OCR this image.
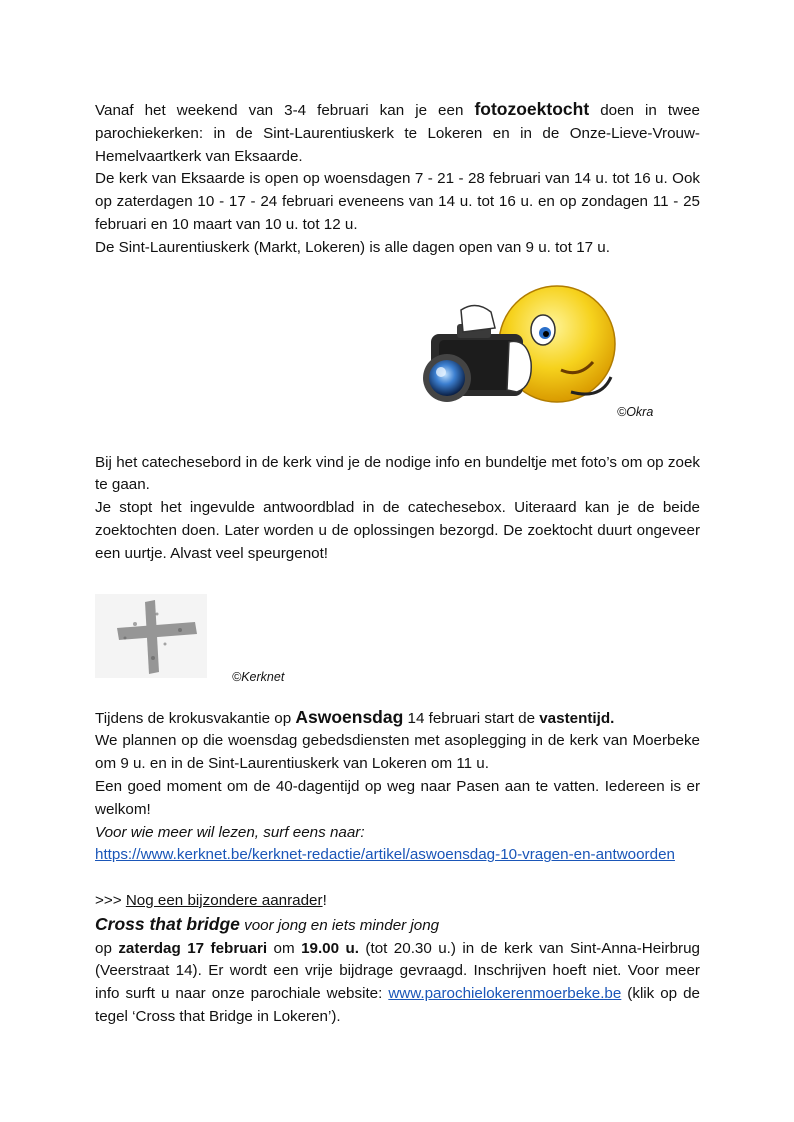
Vanaf het weekend van 3-4 februari kan je een fotozoektocht doen in twee parochiekerken: in de Sint-Laurentiuskerk te Lokeren en in de Onze-Lieve-Vrouw-Hemelvaartkerk van Eksaarde.

De kerk van Eksaarde is open op woensdagen 7 - 21 - 28 februari van 14 u. tot 16 u. Ook op zaterdagen 10 - 17 - 24 februari eveneens van 14 u. tot 16 u. en op zondagen 11 - 25 februari en 10 maart van 10 u. tot 12 u.

De Sint-Laurentiuskerk (Markt, Lokeren) is alle dagen open van 9 u. tot 17 u.

©Okra

Bij het catechesebord in de kerk vind je de nodige info en bundeltje met foto’s om op zoek te gaan.

Je stopt het ingevulde antwoordblad in de catechesebox. Uiteraard kan je de beide zoektochten doen. Later worden u de oplossingen bezorgd. De zoektocht duurt ongeveer een uurtje. Alvast veel speurgenot!

©Kerknet

Tijdens de krokusvakantie op Aswoensdag 14 februari start de vastentijd.

We plannen op die woensdag gebedsdiensten met asoplegging in de kerk van Moerbeke om 9 u. en in de Sint-Laurentiuskerk van Lokeren om 11 u.

Een goed moment om de 40-dagentijd op weg naar Pasen aan te vatten. Iedereen is er welkom!

Voor wie meer wil lezen, surf eens naar:

https://www.kerknet.be/kerknet-redactie/artikel/aswoensdag-10-vragen-en-antwoorden

>>> Nog een bijzondere aanrader!

Cross that bridge voor jong en iets minder jong

op zaterdag 17 februari om 19.00 u. (tot 20.30 u.) in de kerk van Sint-Anna-Heirbrug (Veerstraat 14). Er wordt een vrije bijdrage gevraagd. Inschrijven hoeft niet. Voor meer info surft u naar onze parochiale website: www.parochielokerenmoerbeke.be (klik op de tegel ‘Cross that Bridge in Lokeren’).
